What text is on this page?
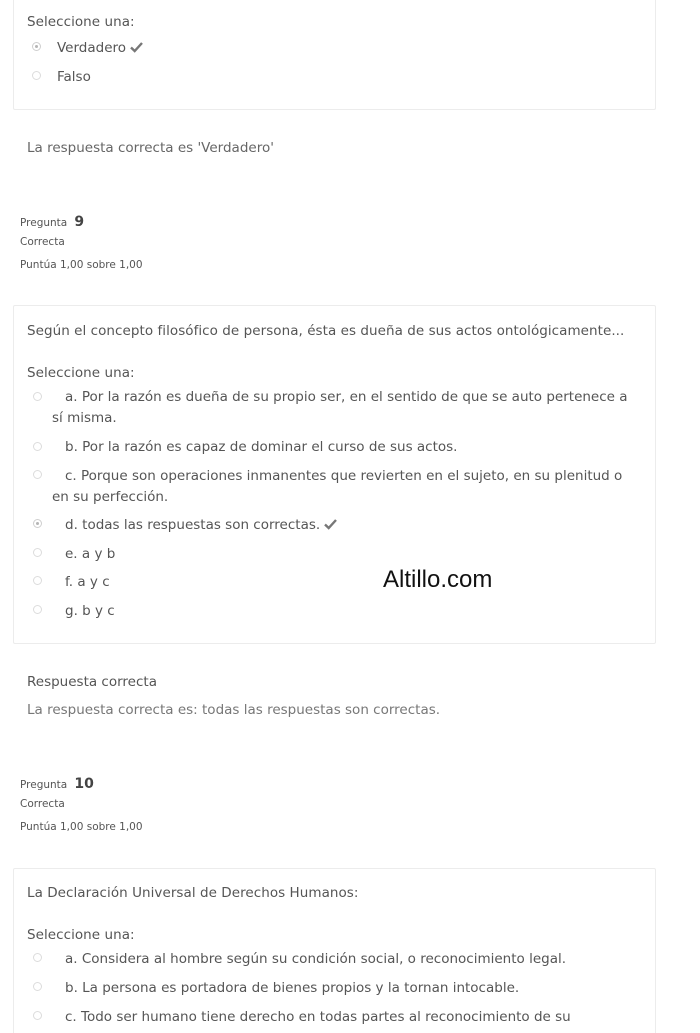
Seleccione una:
Verdadero
Falso
La respuesta correcta es 'Verdadero'
Pregunta 9
Correcta
Puntúa 1,00 sobre 1,00
Según el concepto filosófico de persona, ésta es dueña de sus actos ontológicamente...
Seleccione una:
a. Por la razón es dueña de su propio ser, en el sentido de que se auto pertenece a sí misma.
b. Por la razón es capaz de dominar el curso de sus actos.
c. Porque son operaciones inmanentes que revierten en el sujeto, en su plenitud o en su perfección.
d. todas las respuestas son correctas.
e. a y b
f. a y c
g. b y c
Altillo.com
Respuesta correcta
La respuesta correcta es: todas las respuestas son correctas.
Pregunta 10
Correcta
Puntúa 1,00 sobre 1,00
La Declaración Universal de Derechos Humanos:
Seleccione una:
a. Considera al hombre según su condición social, o reconocimiento legal.
b. La persona es portadora de bienes propios y la tornan intocable.
c. Todo ser humano tiene derecho en todas partes al reconocimiento de su
